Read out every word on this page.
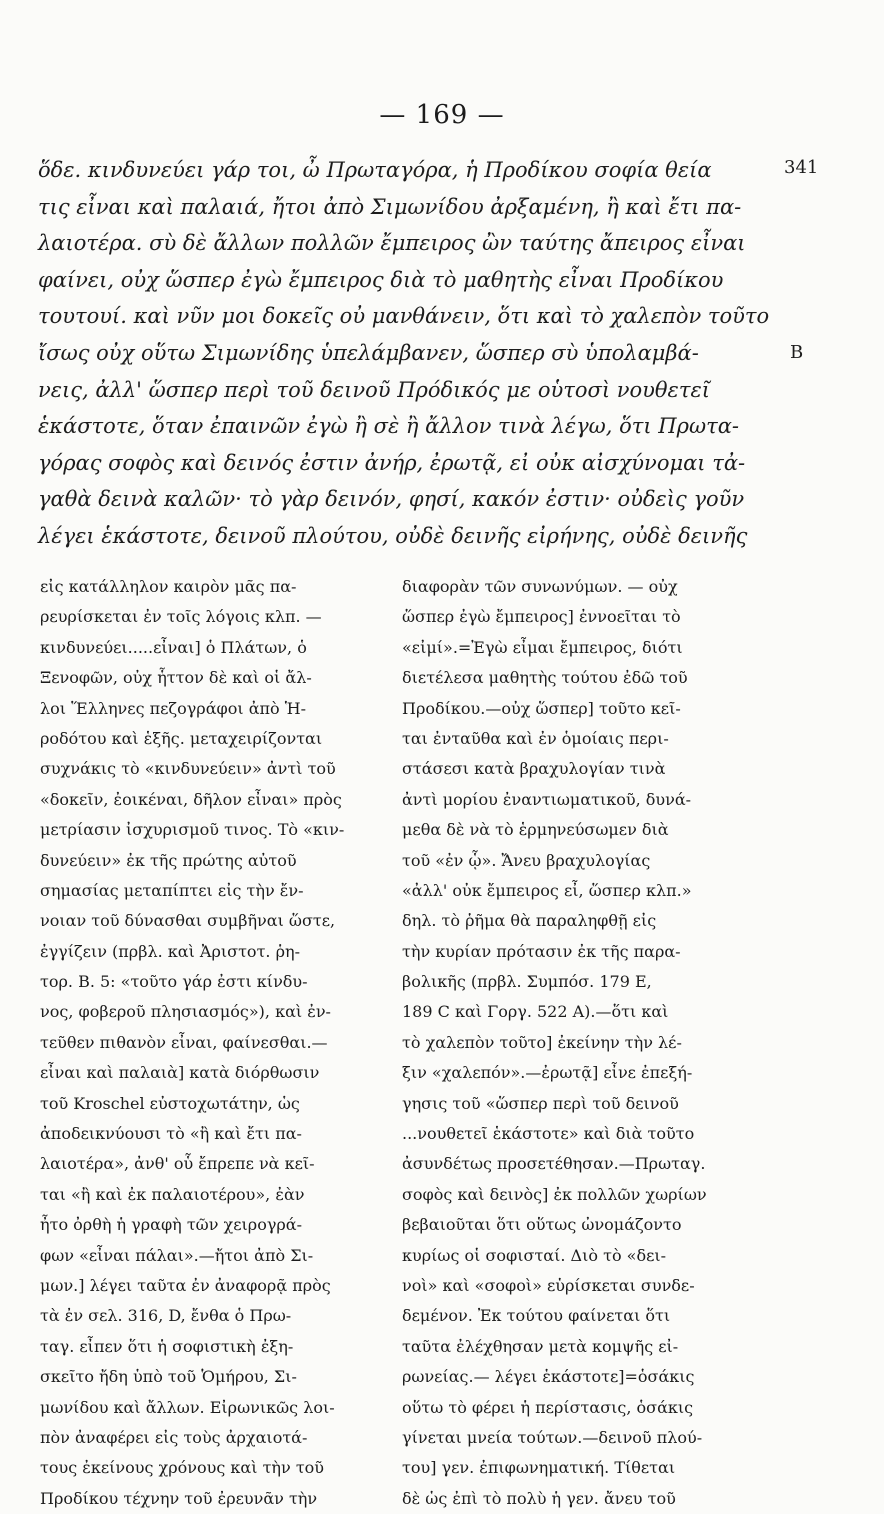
— 169 —
341
B
ὅδε. κινδυνεύει γάρ τοι, ὦ Πρωταγόρα, ἡ Προδίκου σοφία θεία
τις εἶναι καὶ παλαιά, ἤτοι ἀπὸ Σιμωνίδου ἀρξαμένη, ἢ καὶ ἔτι πα-
λαιοτέρα. σὺ δὲ ἄλλων πολλῶν ἔμπειρος ὢν ταύτης ἄπειρος εἶναι
φαίνει, οὐχ ὥσπερ ἐγὼ ἔμπειρος διὰ τὸ μαθητὴς εἶναι Προδίκου
τουτουί. καὶ νῦν μοι δοκεῖς οὐ μανθάνειν, ὅτι καὶ τὸ χαλεπὸν τοῦτο
ἴσως οὐχ οὕτω Σιμωνίδης ὑπελάμβανεν, ὥσπερ σὺ ὑπολαμβά-
νεις, ἀλλ' ὥσπερ περὶ τοῦ δεινοῦ Πρόδικός με οὑτοσὶ νουθετεῖ
ἑκάστοτε, ὅταν ἐπαινῶν ἐγὼ ἢ σὲ ἢ ἄλλον τινὰ λέγω, ὅτι Πρωτα-
γόρας σοφὸς καὶ δεινός ἐστιν ἀνήρ, ἐρωτᾷ, εἰ οὐκ αἰσχύνομαι τἀ-
γαθὰ δεινὰ καλῶν· τὸ γὰρ δεινόν, φησί, κακόν ἐστιν· οὐδεὶς γοῦν
λέγει ἑκάστοτε, δεινοῦ πλούτου, οὐδὲ δεινῆς εἰρήνης, οὐδὲ δεινῆς
εἰς κατάλληλον καιρὸν μᾶς πα-
ρευρίσκεται ἐν τοῖς λόγοις κλπ. —
κινδυνεύει.....εἶναι] ὁ Πλάτων, ὁ
Ξενοφῶν, οὐχ ἧττον δὲ καὶ οἱ ἄλ-
λοι Ἕλληνες πεζογράφοι ἀπὸ Ἡ-
ροδότου καὶ ἑξῆς. μεταχειρίζονται
συχνάκις τὸ «κινδυνεύειν» ἀντὶ τοῦ
«δοκεῖν, ἐοικέναι, δῆλον εἶναι» πρὸς
μετρίασιν ἰσχυρισμοῦ τινος. Τὸ «κιν-
δυνεύειν» ἐκ τῆς πρώτης αὐτοῦ
σημασίας μεταπίπτει εἰς τὴν ἔν-
νοιαν τοῦ δύνασθαι συμβῆναι ὥστε,
ἐγγίζειν (πρβλ. καὶ Ἀριστοτ. ῥη-
τορ. Β. 5: «τοῦτο γάρ ἐστι κίνδυ-
νος, φοβεροῦ πλησιασμός»), καὶ ἐν-
τεῦθεν πιθανὸν εἶναι, φαίνεσθαι.—
εἶναι καὶ παλαιὰ] κατὰ διόρθωσιν
τοῦ Kroschel εὐστοχωτάτην, ὡς
ἀποδεικνύουσι τὸ «ἢ καὶ ἔτι πα-
λαιοτέρα», ἀνθ' οὗ ἔπρεπε νὰ κεῖ-
ται «ἢ καὶ ἐκ παλαιοτέρου», ἐὰν
ἦτο ὀρθὴ ἡ γραφὴ τῶν χειρογρά-
φων «εἶναι πάλαι».—ἤτοι ἀπὸ Σι-
μων.] λέγει ταῦτα ἐν ἀναφορᾷ πρὸς
τὰ ἐν σελ. 316, D, ἔνθα ὁ Πρω-
ταγ. εἶπεν ὅτι ἡ σοφιστικὴ ἐξη-
σκεῖτο ἤδη ὑπὸ τοῦ Ὁμήρου, Σι-
μωνίδου καὶ ἄλλων. Εἰρωνικῶς λοι-
πὸν ἀναφέρει εἰς τοὺς ἀρχαιοτά-
τους ἐκείνους χρόνους καὶ τὴν τοῦ
Προδίκου τέχνην τοῦ ἐρευνᾶν τὴν
διαφορὰν τῶν συνωνύμων. — οὐχ
ὥσπερ ἐγὼ ἔμπειρος] ἐννοεῖται τὸ
«εἰμί».=Ἐγὼ εἶμαι ἔμπειρος, διότι
διετέλεσα μαθητὴς τούτου ἐδῶ τοῦ
Προδίκου.—οὐχ ὥσπερ] τοῦτο κεῖ-
ται ἐνταῦθα καὶ ἐν ὁμοίαις περι-
στάσεσι κατὰ βραχυλογίαν τινὰ
ἀντὶ μορίου ἐναντιωματικοῦ, δυνά-
μεθα δὲ νὰ τὸ ἑρμηνεύσωμεν διὰ
τοῦ «ἐν ᾧ». Ἄνευ βραχυλογίας
«ἀλλ' οὐκ ἔμπειρος εἶ, ὥσπερ κλπ.»
δηλ. τὸ ῥῆμα θὰ παραληφθῇ εἰς
τὴν κυρίαν πρότασιν ἐκ τῆς παρα-
βολικῆς (πρβλ. Συμπόσ. 179 Ε,
189 C καὶ Γοργ. 522 A).—ὅτι καὶ
τὸ χαλεπὸν τοῦτο] ἐκείνην τὴν λέ-
ξιν «χαλεπόν».—ἐρωτᾷ] εἶνε ἐπεξή-
γησις τοῦ «ὥσπερ περὶ τοῦ δεινοῦ
...νουθετεῖ ἑκάστοτε» καὶ διὰ τοῦτο
ἀσυνδέτως προσετέθησαν.—Πρωταγ.
σοφὸς καὶ δεινὸς] ἐκ πολλῶν χωρίων
βεβαιοῦται ὅτι οὕτως ὠνομάζοντο
κυρίως οἱ σοφισταί. Διὸ τὸ «δει-
νοὶ» καὶ «σοφοὶ» εὑρίσκεται συνδε-
δεμένον. Ἐκ τούτου φαίνεται ὅτι
ταῦτα ἐλέχθησαν μετὰ κομψῆς εἰ-
ρωνείας.— λέγει ἑκάστοτε]=ὁσάκις
οὕτω τὸ φέρει ἡ περίστασις, ὁσάκις
γίνεται μνεία τούτων.—δεινοῦ πλού-
του] γεν. ἐπιφωνηματική. Τίθεται
δὲ ὡς ἐπὶ τὸ πολὺ ἡ γεν. ἄνευ τοῦ
